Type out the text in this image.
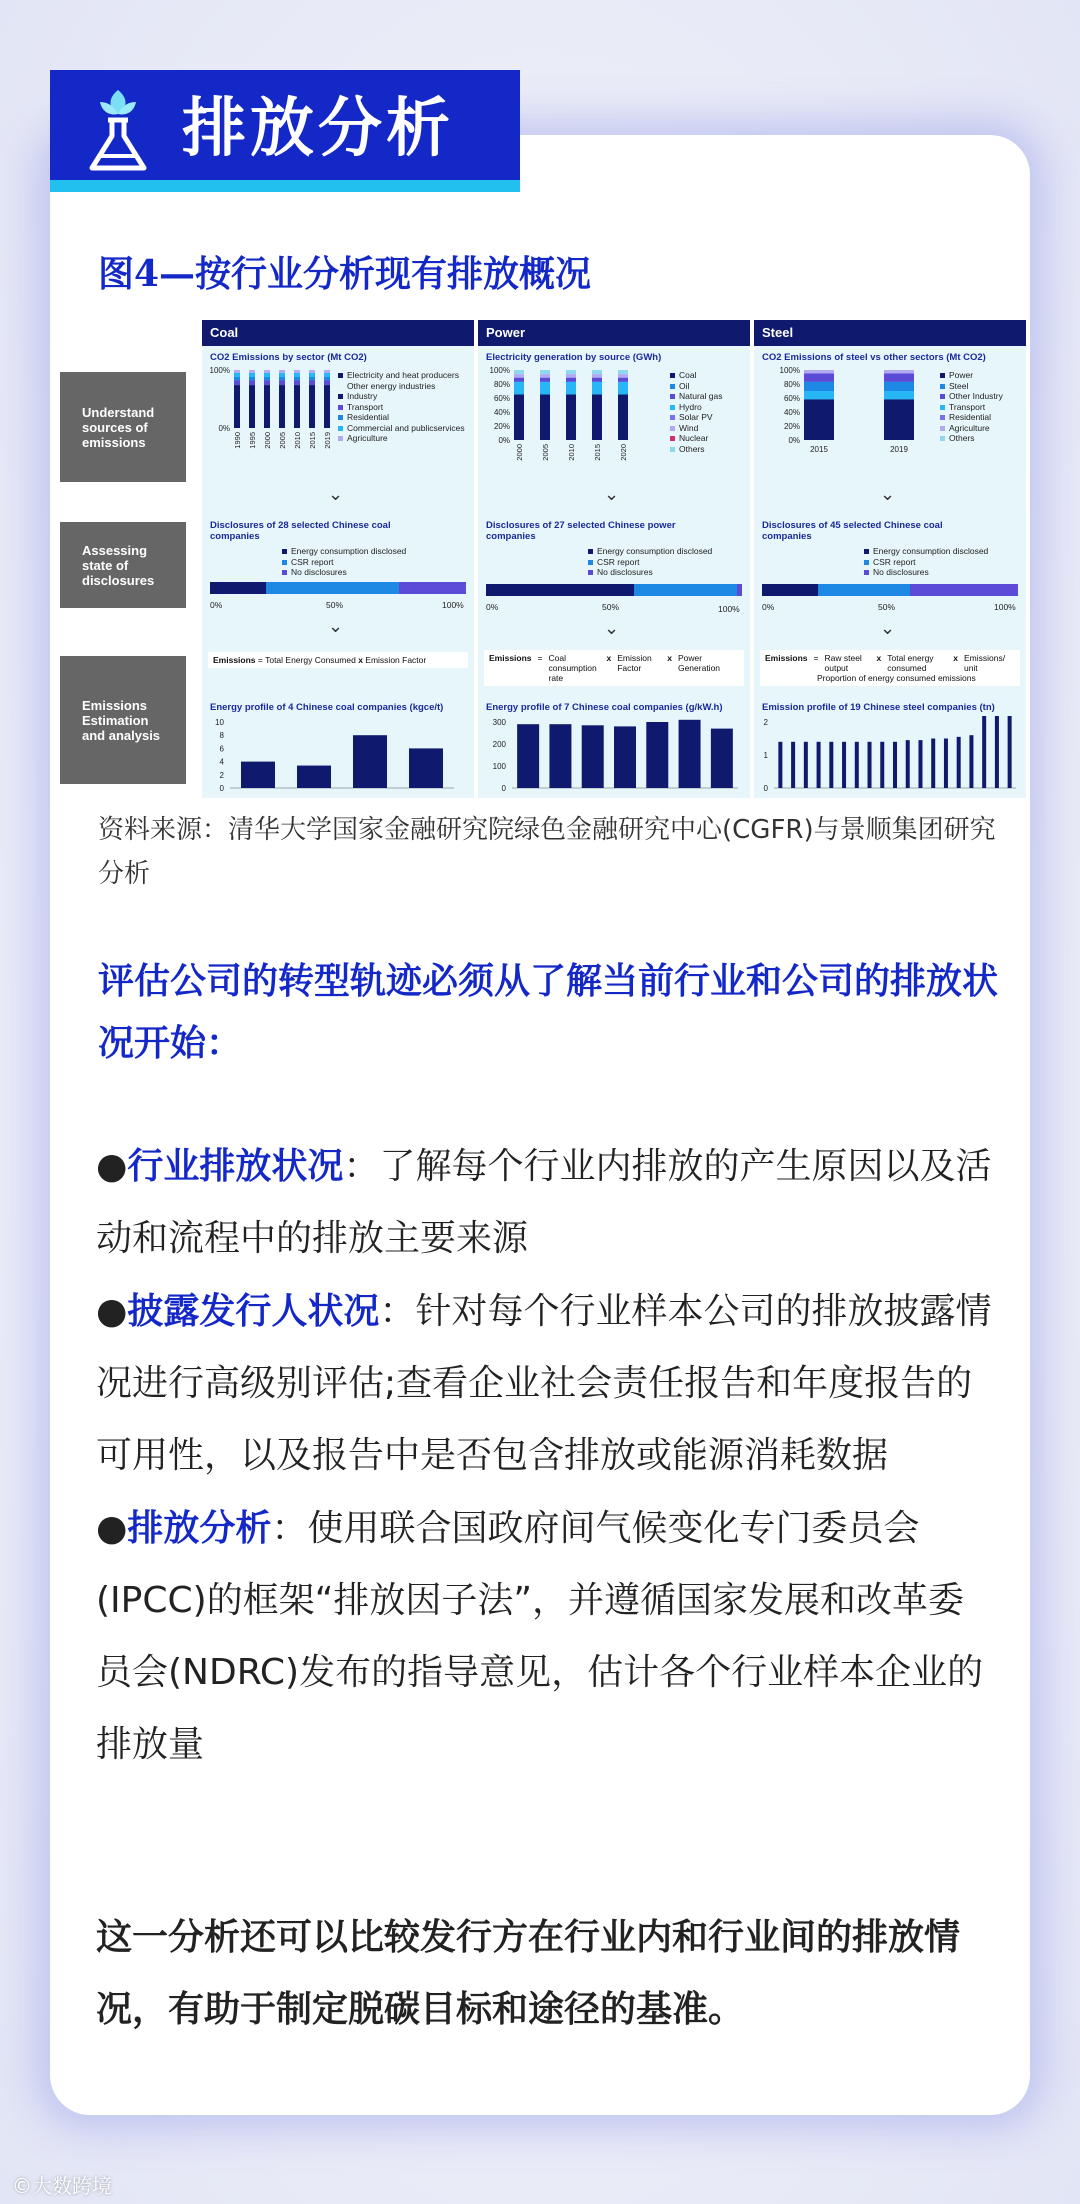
排放分析
图4—按行业分析现有排放概况
Understand sources of emissions
Assessing state of disclosures
Emissions Estimation and analysis
Coal
CO2 Emissions by sector (Mt CO2)
100%
0%
1990 1995 2000 2005 2010 2015 2019
Electricity and heat producers
Other energy industries
Industry
Transport
Residential
Commercial and publicservices
Agriculture
⌄
Disclosures of 28 selected Chinese coal companies
Energy consumption disclosed
CSR report
No disclosures
0%	50%	100%
⌄
Emissions = Total Energy Consumed x Emission Factor
Energy profile of 4 Chinese coal companies (kgce/t)
10
8
6
4
2
0
Power
Electricity generation by source (GWh)
100%
80%
60%
40%
20%
0%
2000 2005 2010 2015 2020
Coal
Oil
Natural gas
Hydro
Solar PV
Wind
Nuclear
Others
⌄
Disclosures of 27 selected Chinese power companies
Energy consumption disclosed
CSR report
No disclosures
0%	50%	100%
⌄
Emissions = Coal consumption rate
x Emission Factor
x Power Generation
Energy profile of 7 Chinese coal companies (g/kW.h)
300
200
100
0
Steel
CO2 Emissions of steel vs other sectors (Mt CO2)
100%
80%
60%
40%
20%
0%
2015	2019
Power
Steel
Other Industry
Transport
Residential
Agriculture
Others
⌄
Disclosures of 45 selected Chinese coal companies
Energy consumption disclosed
CSR report
No disclosures
0%	50%	100%
⌄
Emissions = Raw steel output
x Total energy consumed
x Emissions/ unit
Proportion of energy consumed emissions
Emission profile of 19 Chinese steel companies (tn)
2
1
0
资料来源：清华大学国家金融研究院绿色金融研究中心(CGFR)与景顺集团研究分析
评估公司的转型轨迹必须从了解当前行业和公司的排放状况开始：

●行业排放状况：了解每个行业内排放的产生原因以及活动和流程中的排放主要来源

●披露发行人状况：针对每个行业样本公司的排放披露情况进行高级别评估;查看企业社会责任报告和年度报告的可用性，以及报告中是否包含排放或能源消耗数据

●排放分析：使用联合国政府间气候变化专门委员会(IPCC)的框架“排放因子法”，并遵循国家发展和改革委员会(NDRC)发布的指导意见，估计各个行业样本企业的排放量

这一分析还可以比较发行方在行业内和行业间的排放情况，有助于制定脱碳目标和途径的基准。
©大数跨境
